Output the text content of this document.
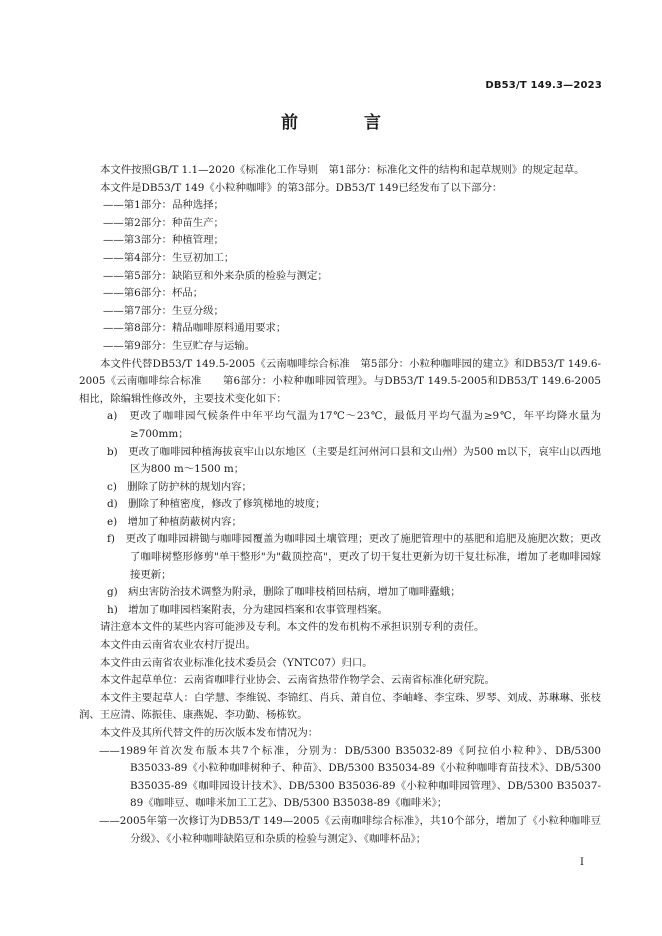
DB53/T 149.3—2023
前 言

本文件按照GB/T 1.1—2020《标准化工作导则　第1部分：标准化文件的结构和起草规则》的规定起草。

本文件是DB53/T 149《小粒种咖啡》的第3部分。DB53/T 149已经发布了以下部分：

——第1部分：品种选择；

——第2部分：种苗生产；

——第3部分：种植管理；

——第4部分：生豆初加工；

——第5部分：缺陷豆和外来杂质的检验与测定；

——第6部分：杯品；

——第7部分：生豆分级；

——第8部分：精品咖啡原料通用要求；

——第9部分：生豆贮存与运输。

本文件代替DB53/T 149.5-2005《云南咖啡综合标准　第5部分：小粒种咖啡园的建立》和DB53/T 149.6-2005《云南咖啡综合标准　　第6部分：小粒种咖啡园管理》。与DB53/T 149.5-2005和DB53/T 149.6-2005相比，除编辑性修改外，主要技术变化如下：

a)　更改了咖啡园气候条件中年平均气温为17℃～23℃，最低月平均气温为≥9℃，年平均降水量为≥700mm；

b)　更改了咖啡园种植海拔哀牢山以东地区（主要是红河州河口县和文山州）为500 m以下，哀牢山以西地区为800 m～1500 m；

c)　删除了防护林的规划内容；

d)　删除了种植密度，修改了修筑梯地的坡度；

e)　增加了种植荫蔽树内容；

f)　更改了咖啡园耕锄与咖啡园覆盖为咖啡园土壤管理；更改了施肥管理中的基肥和追肥及施肥次数；更改了咖啡树整形修剪"单干整形"为"截顶控高"，更改了切干复壮更新为切干复壮标准，增加了老咖啡园嫁接更新；

g)　病虫害防治技术调整为附录，删除了咖啡枝梢回枯病，增加了咖啡蠹蛾；

h)　增加了咖啡园档案附表，分为建园档案和农事管理档案。

请注意本文件的某些内容可能涉及专利。本文件的发布机构不承担识别专利的责任。

本文件由云南省农业农村厅提出。

本文件由云南省农业标准化技术委员会（YNTC07）归口。

本文件起草单位：云南省咖啡行业协会、云南省热带作物学会、云南省标准化研究院。

本文件主要起草人：白学慧、李维锐、李锦红、肖兵、萧自位、李岫峰、李宝珠、罗琴、刘成、苏琳琳、张枝润、王应清、陈振佳、康燕妮、李功勤、杨栋钦。

本文件及其所代替文件的历次版本发布情况为：

——1989年首次发布版本共7个标准，分别为：DB/5300 B35032-89《阿拉伯小粒种》、DB/5300 B35033-89《小粒种咖啡树种子、种苗》、DB/5300 B35034-89《小粒种咖啡育苗技术》、DB/5300 B35035-89《咖啡园设计技术》、DB/5300 B35036-89《小粒种咖啡园管理》、DB/5300 B35037-89《咖啡豆、咖啡米加工工艺》、DB/5300 B35038-89《咖啡米》；

——2005年第一次修订为DB53/T 149—2005《云南咖啡综合标准》，共10个部分，增加了《小粒种咖啡豆分级》、《小粒种咖啡缺陷豆和杂质的检验与测定》、《咖啡杯品》；

I
